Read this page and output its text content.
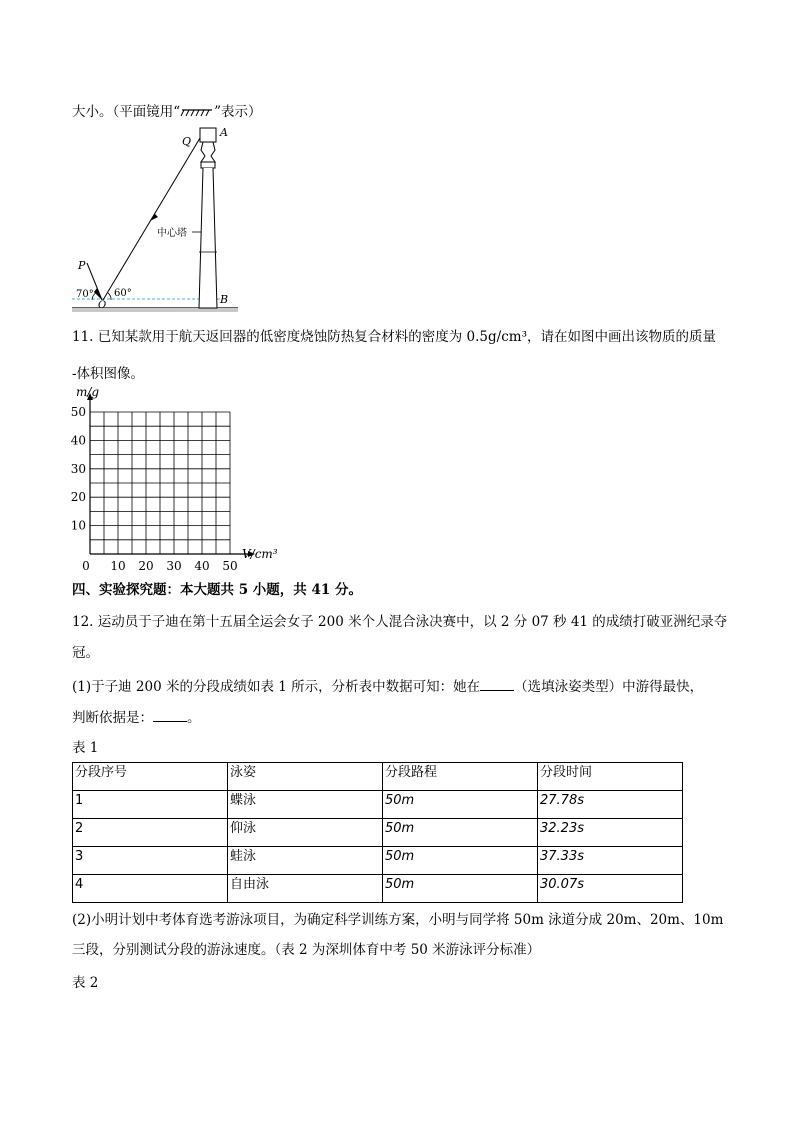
大小。（平面镜用“	”表示）
Q
A
B
P
O
中心塔
70° 60°
11. 已知某款用于航天返回器的低密度烧蚀防热复合材料的密度为 0.5g/cm³，请在如图中画出该物质的质量
-体积图像。
0 10 20 30 40 50
10
20
30
40
50
m/g
V/cm³
四、实验探究题：本大题共 5 小题，共 41 分。
12. 运动员于子迪在第十五届全运会女子 200 米个人混合泳决赛中，以 2 分 07 秒 41 的成绩打破亚洲纪录夺
冠。
(1)于子迪 200 米的分段成绩如表 1 所示，分析表中数据可知：她在	（选填泳姿类型）中游得最快，
判断依据是：	。
表 1
分段序号	泳姿	分段路程	分段时间
1	蝶泳	50m	27.78s
2	仰泳	50m	32.23s
3	蛙泳	50m	37.33s
4	自由泳	50m	30.07s
(2)小明计划中考体育选考游泳项目，为确定科学训练方案，小明与同学将 50m 泳道分成 20m、20m、10m
三段，分别测试分段的游泳速度。（表 2 为深圳体育中考 50 米游泳评分标准）
表 2
